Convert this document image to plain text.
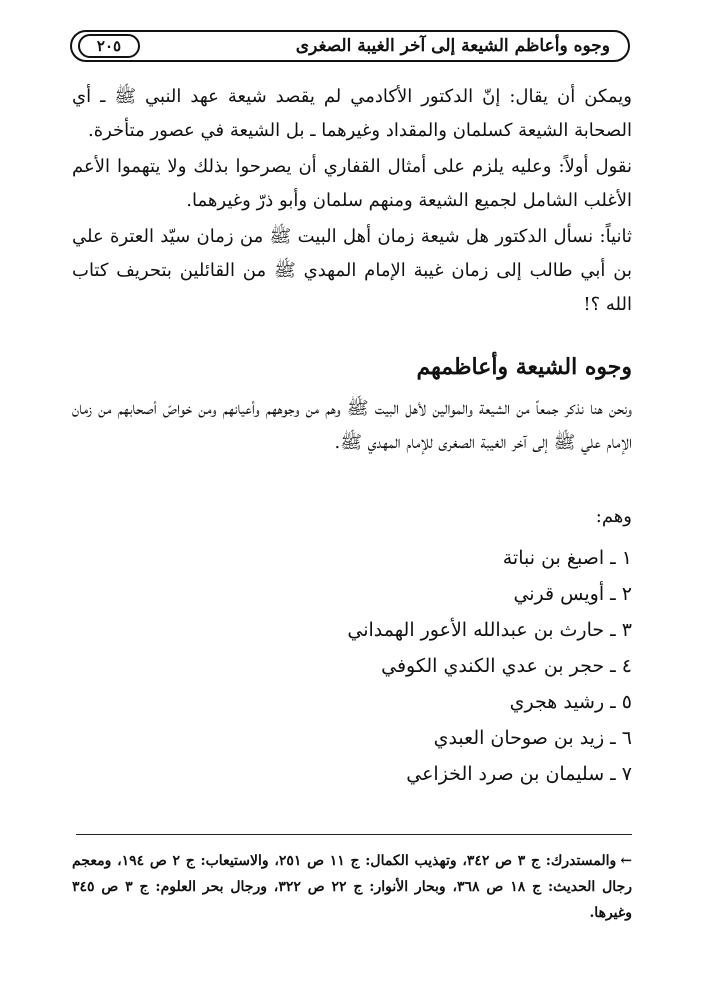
وجوه وأعاظم الشيعة إلى آخر الغيبة الصغرى
٢٠٥

ويمكن أن يقال: إنّ الدكتور الأكادمي لم يقصد شيعة عهد النبي ﷺ ـ أي الصحابة الشيعة كسلمان والمقداد وغيرهما ـ بل الشيعة في عصور متأخرة.

نقول أولاً: وعليه يلزم على أمثال القفاري أن يصرحوا بذلك ولا يتهموا الأعم الأغلب الشامل لجميع الشيعة ومنهم سلمان وأبو ذرّ وغيرهما.

ثانياً: نسأل الدكتور هل شيعة زمان أهل البيت ﷺ من زمان سيّد العترة علي بن أبي طالب إلى زمان غيبة الإمام المهدي ﷺ من القائلين بتحريف كتاب الله ؟!

وجوه الشيعة وأعاظمهم

ونحن هنا نذكر جمعاً من الشيعة والموالين لأهل البيت ﷺ وهم من وجوههم وأعيانهم ومن خواصّ أصحابهم من زمان الإمام علي ﷺ إلى آخر الغيبة الصغرى للإمام المهدي ﷺ.

وهم:
١ ـ اصبغ بن نباتة
٢ ـ أويس قرني
٣ ـ حارث بن عبدالله الأعور الهمداني
٤ ـ حجر بن عدي الكندي الكوفي
٥ ـ رشيد هجري
٦ ـ زيد بن صوحان العبدي
٧ ـ سليمان بن صرد الخزاعي
←والمستدرك: ج ٣ ص ٣٤٢، وتهذيب الكمال: ج ١١ ص ٢٥١، والاستيعاب: ج ٢ ص ١٩٤، ومعجم رجال الحديث: ج ١٨ ص ٣٦٨، وبحار الأنوار: ج ٢٢ ص ٣٢٢، ورجال بحر العلوم: ج ٣ ص ٣٤٥ وغيرها.
